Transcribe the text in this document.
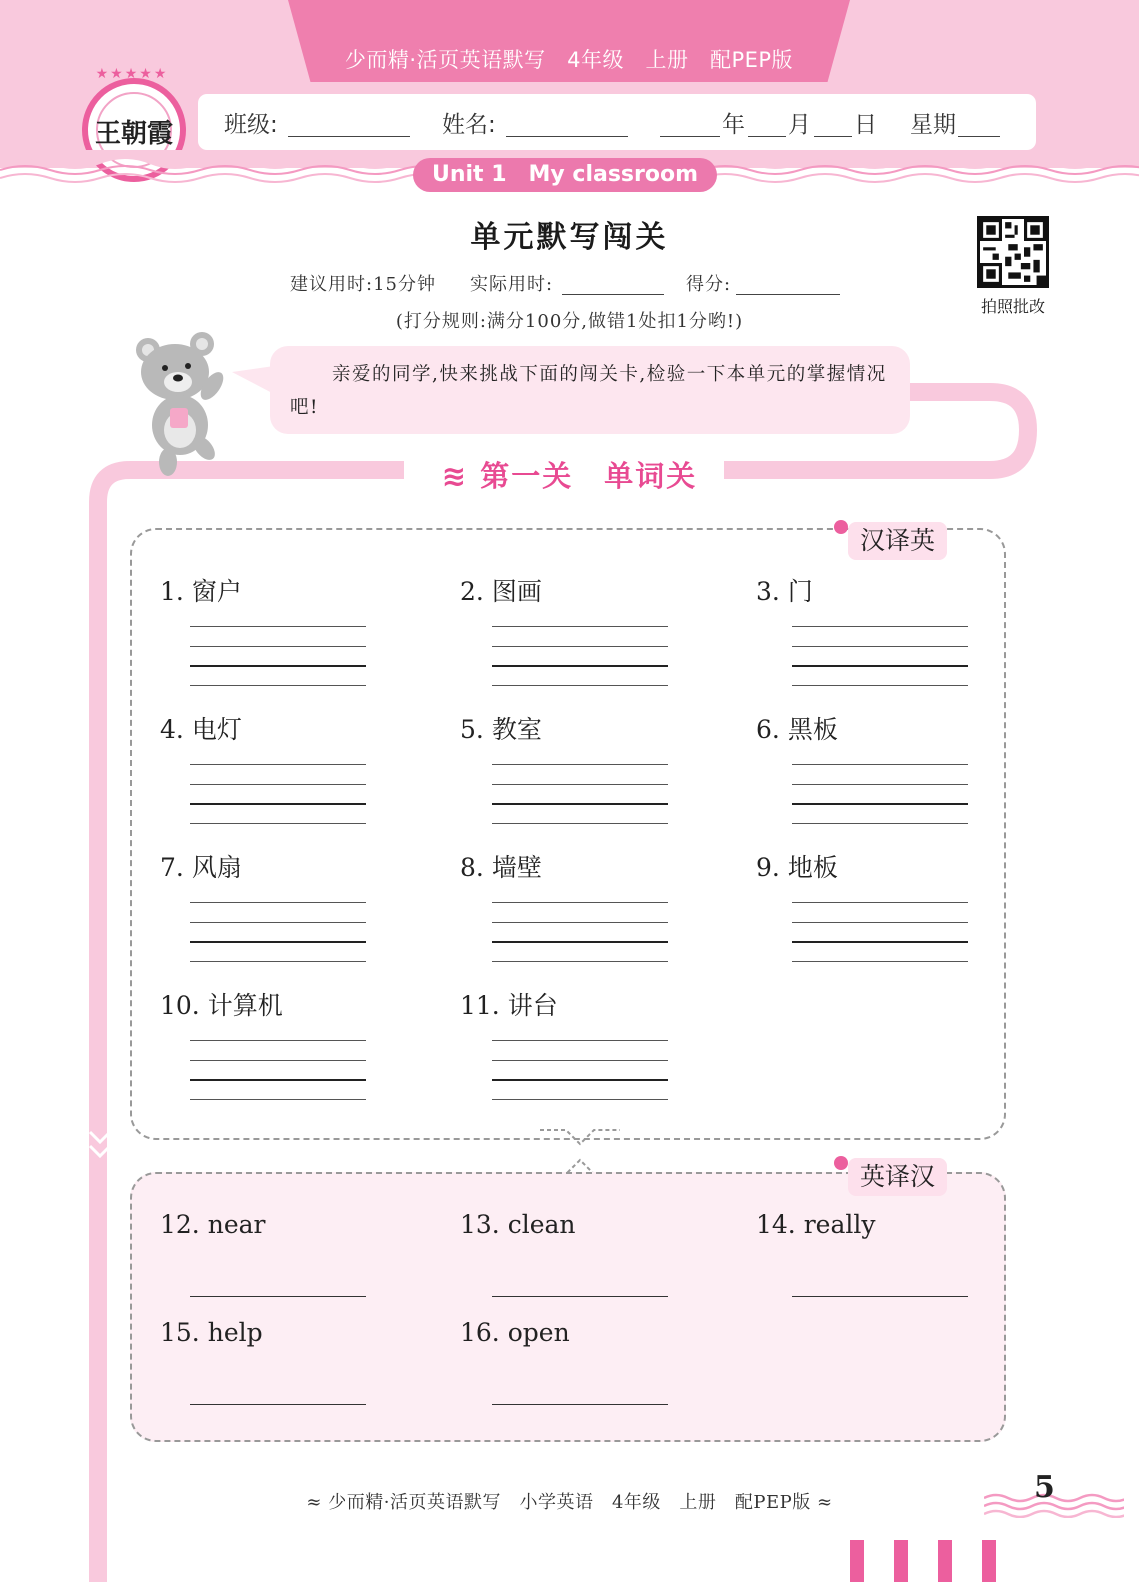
少而精·活页英语默写　4年级　上册　配PEP版
班级:	姓名:	年 月 日 星期
王朝霞
★★★★★
Unit 1　My classroom
单元默写闯关
建议用时:15分钟 实际用时:	得分:
(打分规则:满分100分,做错1处扣1分哟!)
拍照批改
亲爱的同学,快来挑战下面的闯关卡,检验一下本单元的掌握情况吧!
≋ 第一关　单词关
汉译英
1. 窗户	2. 图画	3. 门
4. 电灯	5. 教室	6. 黑板
7. 风扇	8. 墙壁	9. 地板
10. 计算机	11. 讲台
英译汉
12. near	13. clean	14. really
15. help	16. open
≈ 少而精·活页英语默写　小学英语　4年级　上册　配PEP版 ≈	5
